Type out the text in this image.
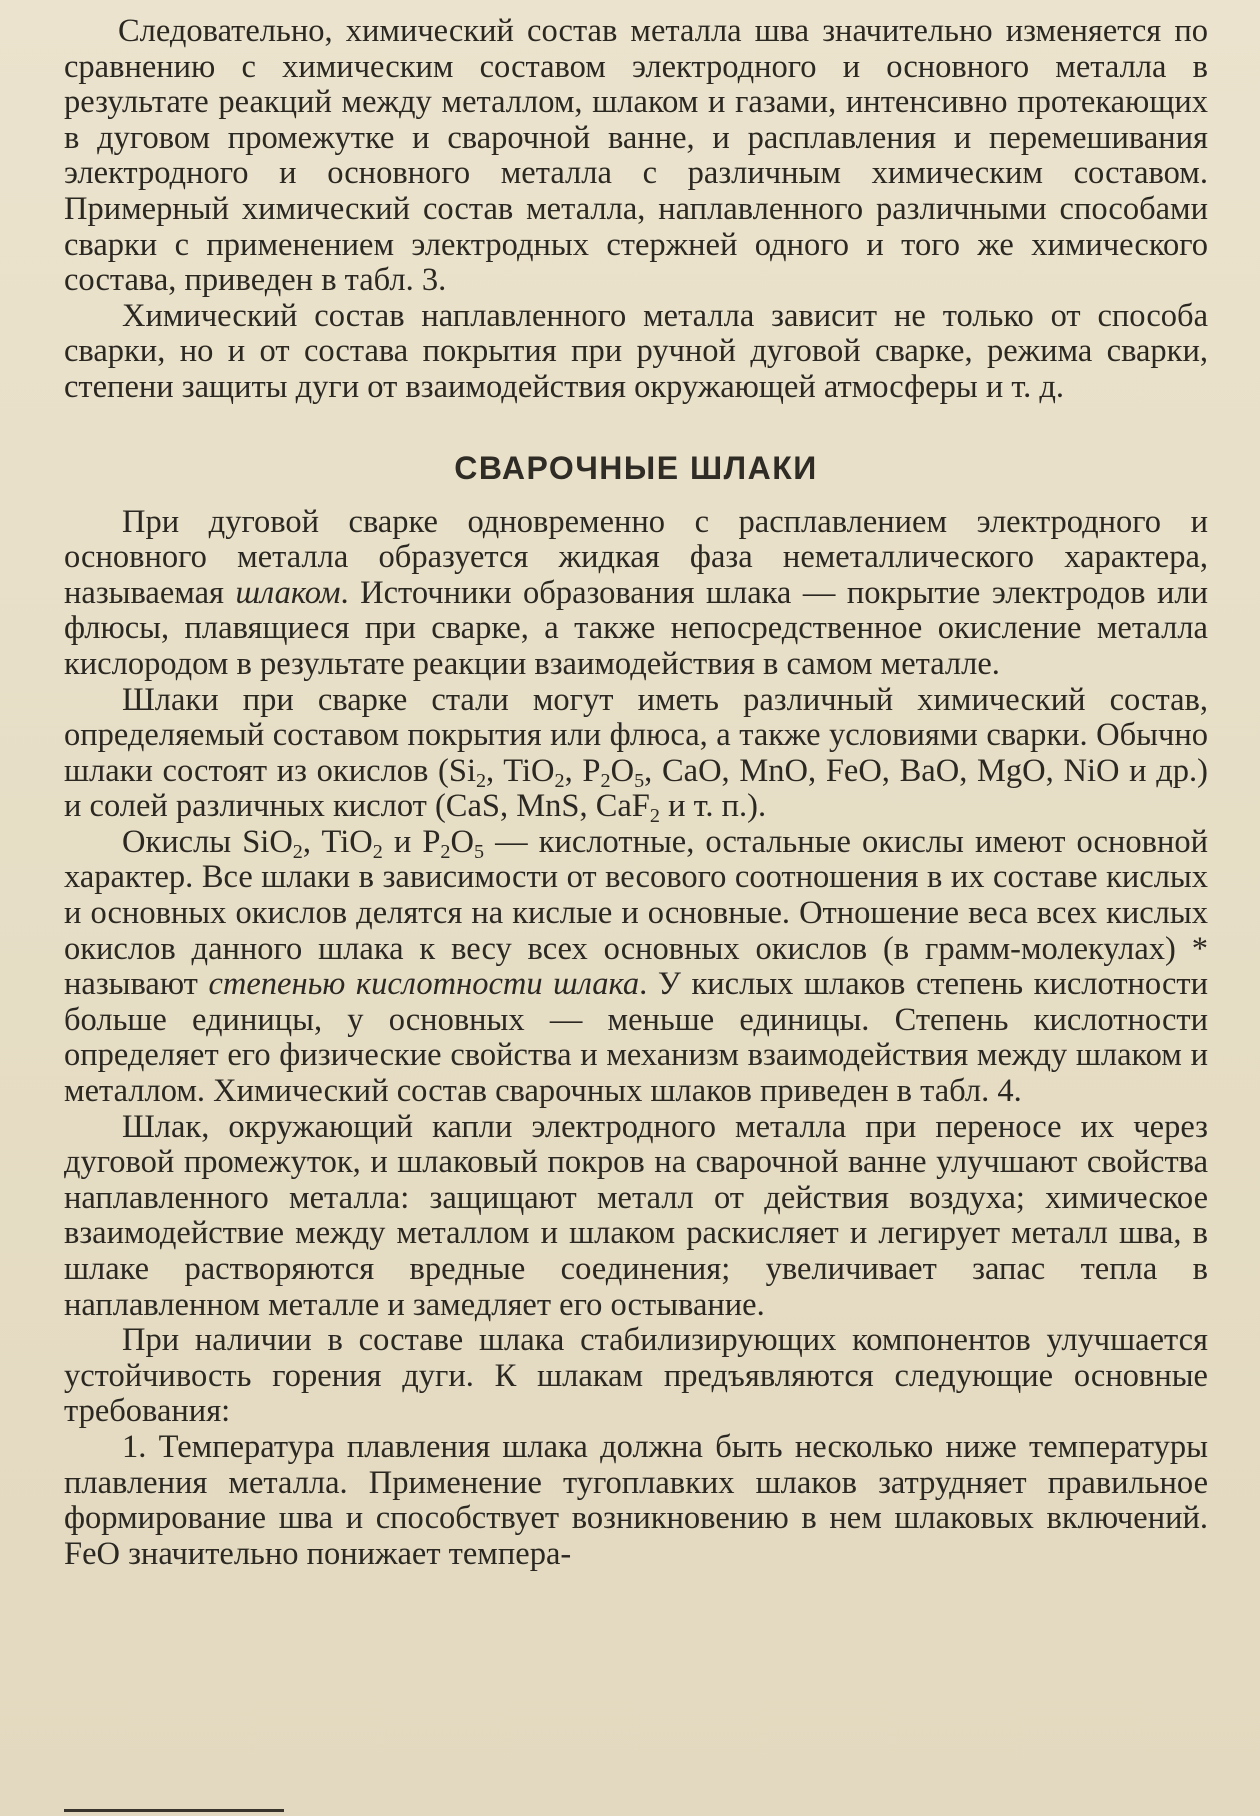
Следовательно, химический состав металла шва значительно изменяется по сравнению с химическим составом электродного и основного металла в результате реакций между металлом, шлаком и газами, интенсивно протекающих в дуговом промежутке и сварочной ванне, и расплавления и перемешивания электродного и основного металла с различным химическим составом. Примерный химический состав металла, наплавленного различными способами сварки с применением электродных стержней одного и того же химического состава, приведен в табл. 3.

Химический состав наплавленного металла зависит не только от способа сварки, но и от состава покрытия при ручной дуговой сварке, режима сварки, степени защиты дуги от взаимодействия окружающей атмосферы и т. д.

СВАРОЧНЫЕ ШЛАКИ

При дуговой сварке одновременно с расплавлением электродного и основного металла образуется жидкая фаза неметаллического характера, называемая шлаком. Источники образования шлака — покрытие электродов или флюсы, плавящиеся при сварке, а также непосредственное окисление металла кислородом в результате реакции взаимодействия в самом металле.

Шлаки при сварке стали могут иметь различный химический состав, определяемый составом покрытия или флюса, а также условиями сварки. Обычно шлаки состоят из окислов ($Si_2$, TiO$_2$, $P_2O_5$, CaO, MnO, FeO, BaO, MgO, NiO и др.) и солей различных кислот (CaS, MnS, CaF$_2$ и т. п.).

Окислы SiO$_2$, TiO$_2$ и $P_2O_5$ — кислотные, остальные окислы имеют основной характер. Все шлаки в зависимости от весового соотношения в их составе кислых и основных окислов делятся на кислые и основные. Отношение веса всех кислых окислов данного шлака к весу всех основных окислов (в грамм-молекулах) * называют степенью кислотности шлака. У кислых шлаков степень кислотности больше единицы, у основных — меньше единицы. Степень кислотности определяет его физические свойства и механизм взаимодействия между шлаком и металлом. Химический состав сварочных шлаков приведен в табл. 4.

Шлак, окружающий капли электродного металла при переносе их через дуговой промежуток, и шлаковый покров на сварочной ванне улучшают свойства наплавленного металла: защищают металл от действия воздуха; химическое взаимодействие между металлом и шлаком раскисляет и легирует металл шва, в шлаке растворяются вредные соединения; увеличивает запас тепла в наплавленном металле и замедляет его остывание.

При наличии в составе шлака стабилизирующих компонентов улучшается устойчивость горения дуги. К шлакам предъявляются следующие основные требования:

1. Температура плавления шлака должна быть несколько ниже температуры плавления металла. Применение тугоплавких шлаков затрудняет правильное формирование шва и способствует возникновению в нем шлаковых включений. FeO значительно понижает темпера-
